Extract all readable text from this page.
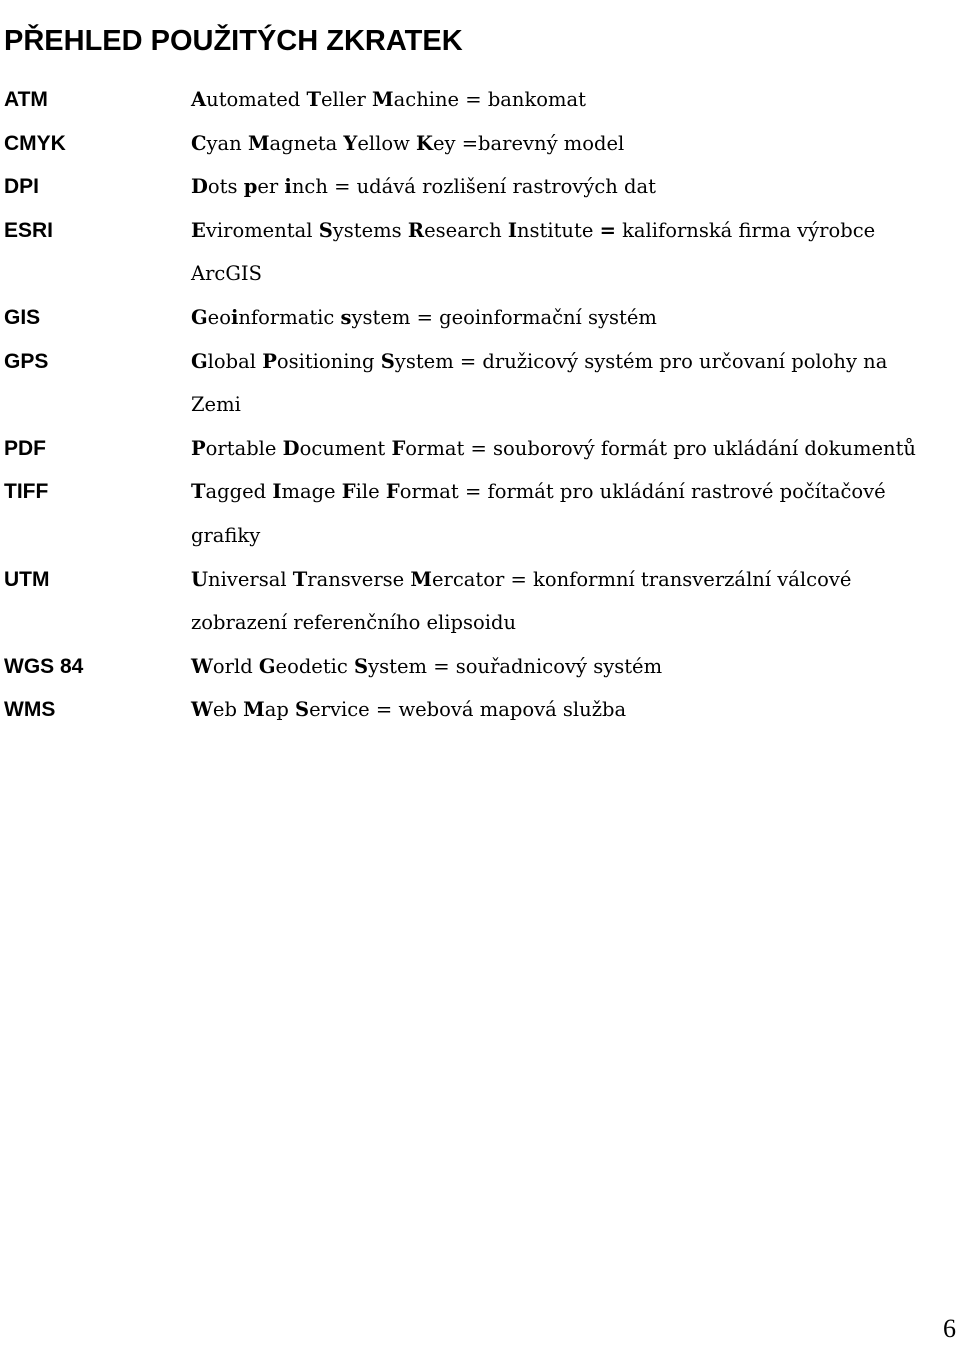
PŘEHLED POUŽITÝCH ZKRATEK
ATM	Automated Teller Machine = bankomat
CMYK	Cyan Magneta Yellow Key =barevný model
DPI	Dots per inch = udává rozlišení rastrových dat
ESRI	Eviromental Systems Research Institute = kalifornská firma výrobce ArcGIS
GIS	Geoinformatic system = geoinformační systém
GPS	Global Positioning System = družicový systém pro určovaní polohy na Zemi
PDF	Portable Document Format = souborový formát pro ukládání dokumentů
TIFF	Tagged Image File Format = formát pro ukládání rastrové počítačové grafiky
UTM	Universal Transverse Mercator = konformní transverzální válcové zobrazení referenčního elipsoidu
WGS 84	World Geodetic System = souřadnicový systém
WMS	Web Map Service = webová mapová služba
6
